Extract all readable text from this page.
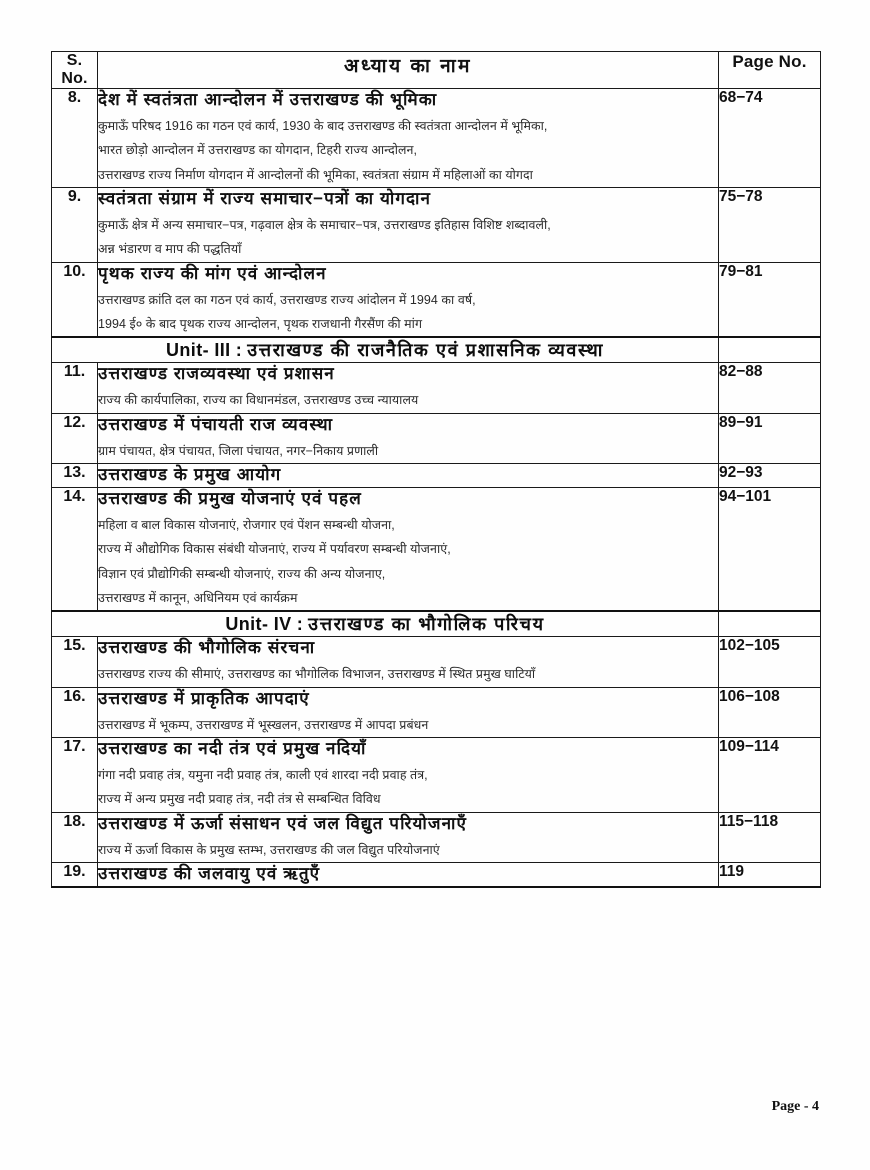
S. No.	अध्याय का नाम	Page No.
8.	देश में स्वतंत्रता आन्दोलन में उत्तराखण्ड की भूमिका
कुमाऊँ परिषद 1916 का गठन एवं कार्य, 1930 के बाद उत्तराखण्ड की स्वतंत्रता आन्दोलन में भूमिका,
भारत छोड़ो आन्दोलन में उत्तराखण्ड का योगदान, टिहरी राज्य आन्दोलन,
उत्तराखण्ड राज्य निर्माण योगदान में आन्दोलनों की भूमिका, स्वतंत्रता संग्राम में महिलाओं का योगदा	68−74
9.	स्वतंत्रता संग्राम में राज्य समाचार−पत्रों का योगदान
कुमाऊँ क्षेत्र में अन्य समाचार−पत्र, गढ़वाल क्षेत्र के समाचार−पत्र, उत्तराखण्ड इतिहास विशिष्ट शब्दावली,
अन्न भंडारण व माप की पद्धतियाँ	75−78
10.	पृथक राज्य की मांग एवं आन्दोलन
उत्तराखण्ड क्रांति दल का गठन एवं कार्य, उत्तराखण्ड राज्य आंदोलन में 1994 का वर्ष,
1994 ई० के बाद पृथक राज्य आन्दोलन, पृथक राजधानी गैरसैंण की मांग	79−81
Unit- III : उत्तराखण्ड की राजनैतिक एवं प्रशासनिक व्यवस्था		
11.	उत्तराखण्ड राजव्यवस्था एवं प्रशासन
राज्य की कार्यपालिका, राज्य का विधानमंडल, उत्तराखण्ड उच्च न्यायालय	82−88
12.	उत्तराखण्ड में पंचायती राज व्यवस्था
ग्राम पंचायत, क्षेत्र पंचायत, जिला पंचायत, नगर−निकाय प्रणाली	89−91
13.	उत्तराखण्ड के प्रमुख आयोग	92−93
14.	उत्तराखण्ड की प्रमुख योजनाएं एवं पहल
महिला व बाल विकास योजनाएं, रोजगार एवं पेंशन सम्बन्धी योजना,
राज्य में औद्योगिक विकास संबंधी योजनाएं, राज्य में पर्यावरण सम्बन्धी योजनाएं,
विज्ञान एवं प्रौद्योगिकी सम्बन्धी योजनाएं, राज्य की अन्य योजनाए,
उत्तराखण्ड में कानून, अधिनियम एवं कार्यक्रम	94−101
Unit- IV : उत्तराखण्ड का भौगोलिक परिचय		
15.	उत्तराखण्ड की भौगोलिक संरचना
उत्तराखण्ड राज्य की सीमाएं, उत्तराखण्ड का भौगोलिक विभाजन, उत्तराखण्ड में स्थित प्रमुख घाटियाँ	102−105
16.	उत्तराखण्ड में प्राकृतिक आपदाएं
उत्तराखण्ड में भूकम्प, उत्तराखण्ड में भूस्खलन, उत्तराखण्ड में आपदा प्रबंधन	106−108
17.	उत्तराखण्ड का नदी तंत्र एवं प्रमुख नदियाँ
गंगा नदी प्रवाह तंत्र, यमुना नदी प्रवाह तंत्र, काली एवं शारदा नदी प्रवाह तंत्र,
राज्य में अन्य प्रमुख नदी प्रवाह तंत्र, नदी तंत्र से सम्बन्धित विविध	109−114
18.	उत्तराखण्ड में ऊर्जा संसाधन एवं जल विद्युत परियोजनाएँ
राज्य में ऊर्जा विकास के प्रमुख स्तम्भ, उत्तराखण्ड की जल विद्युत परियोजनाएं	115−118
19.	उत्तराखण्ड की जलवायु एवं ऋतुएँ	119
Page - 4
